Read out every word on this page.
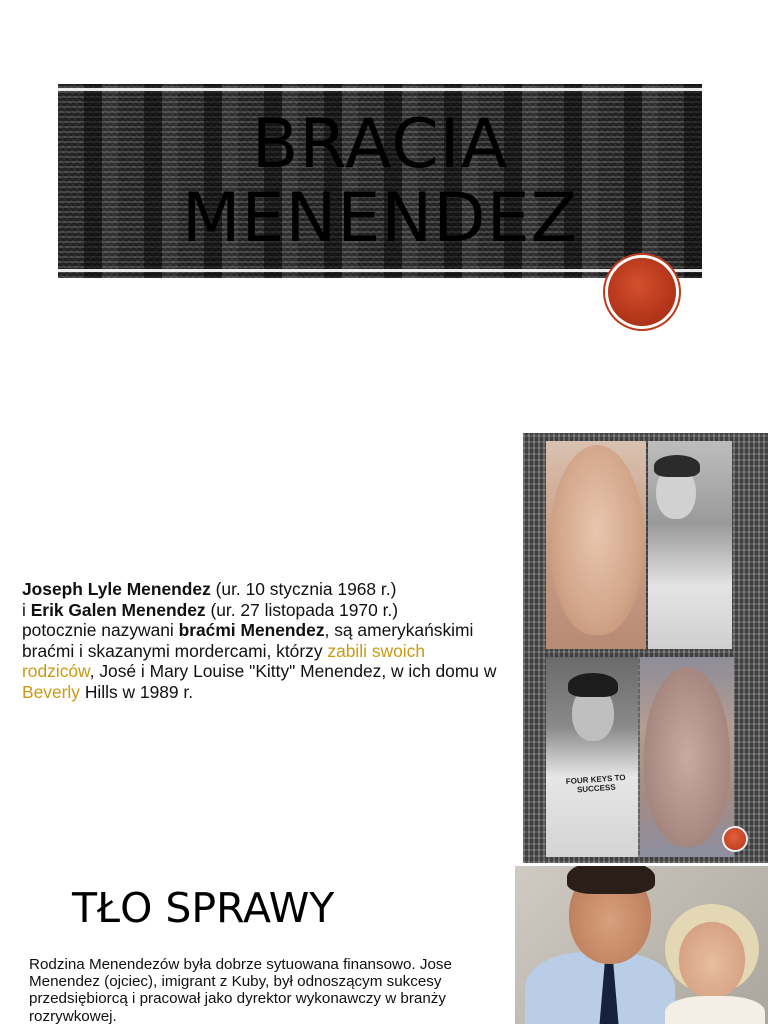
BRACIA
MENENDEZ

Joseph Lyle Menendez (ur. 10 stycznia 1968 r.)
i Erik Galen Menendez (ur. 27 listopada 1970 r.)
potocznie nazywani braćmi Menendez, są amerykańskimi braćmi i skazanymi mordercami, którzy zabili swoich rodziców, José i Mary Louise "Kitty" Menendez, w ich domu w Beverly Hills w 1989 r.

FOUR KEYS TO SUCCESS
TŁO SPRAWY

Rodzina Menendezów była dobrze sytuowana finansowo. Jose Menendez (ojciec), imigrant z Kuby, był odnoszącym sukcesy przedsiębiorcą i pracował jako dyrektor wykonawczy w branży rozrywkowej.
